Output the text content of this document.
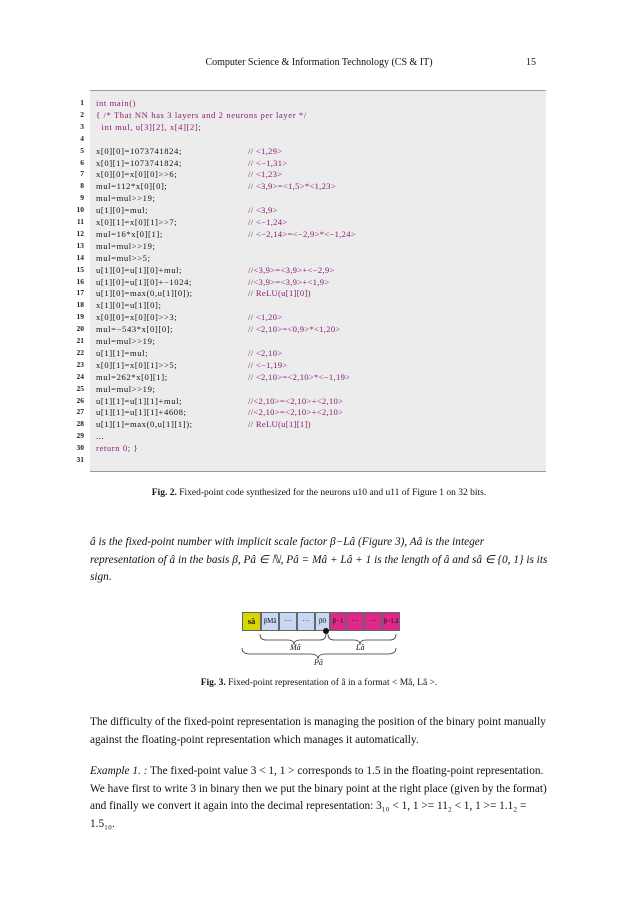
Computer Science & Information Technology (CS & IT)	15
1 int main()
2 { /* That NN has 3 layers and 2 neurons per layer */
3 int mul, u[3][2], x[4][2];
4
5 x[0][0]=1073741824;	// <1,29>
6 x[0][1]=1073741824;	// <−1,31>
7 x[0][0]=x[0][0]>>6;	// <1,23>
8 mul=112*x[0][0];	// <3,9>=<1,5>*<1,23>
9 mul=mul>>19;
10 u[1][0]=mul;	// <3,9>
11 x[0][1]=x[0][1]>>7;	// <−1,24>
12 mul=16*x[0][1];	// <−2,14>=<−2,9>*<−1,24>
13 mul=mul>>19;
14 mul=mul>>5;
15 u[1][0]=u[1][0]+mul;	//<3,9>=<3,9>+<−2,9>
16 u[1][0]=u[1][0]+−1024;	//<3,9>=<3,9>+<1,9>
17 u[1][0]=max(0,u[1][0]);	// ReLU(u[1][0])
18 x[1][0]=u[1][0];
19 x[0][0]=x[0][0]>>3;	// <1,20>
20 mul=−543*x[0][0];	// <2,10>=<0,9>*<1,20>
21 mul=mul>>19;
22 u[1][1]=mul;	// <2,10>
23 x[0][1]=x[0][1]>>5;	// <−1,19>
24 mul=262*x[0][1];	// <2,10>=<2,10>*<−1,19>
25 mul=mul>>19;
26 u[1][1]=u[1][1]+mul;	//<2,10>=<2,10>+<2,10>
27 u[1][1]=u[1][1]+4608;	//<2,10>=<2,10>+<2,10>
28 u[1][1]=max(0,u[1][1]);	// ReLU(u[1][1])
29 ...
30 return 0; }
31
Fig. 2. Fixed-point code synthesized for the neurons u10 and u11 of Figure 1 on 32 bits.
â is the fixed-point number with implicit scale factor β−Lâ (Figure 3), Aâ is the integer representation of â in the basis β, Pâ ∈ ℕ, Pâ = Mâ + Lâ + 1 is the length of â and sâ ∈ {0, 1} is its sign.
β−Lâ
···
···
β−1
β0
···
···
βMâ
sâ
Mâ	Lâ
Pâ
Fig. 3. Fixed-point representation of â in a format < Mâ, Lâ >.
The difficulty of the fixed-point representation is managing the position of the binary point manually against the floating-point representation which manages it automatically.
Example 1. : The fixed-point value 3 < 1, 1 > corresponds to 1.5 in the floating-point representation. We have first to write 3 in binary then we put the binary point at the right place (given by the format) and finally we convert it again into the decimal representation: 3₁₀ < 1, 1 >= 11₂ < 1, 1 >= 1.1₂ = 1.5₁₀.
